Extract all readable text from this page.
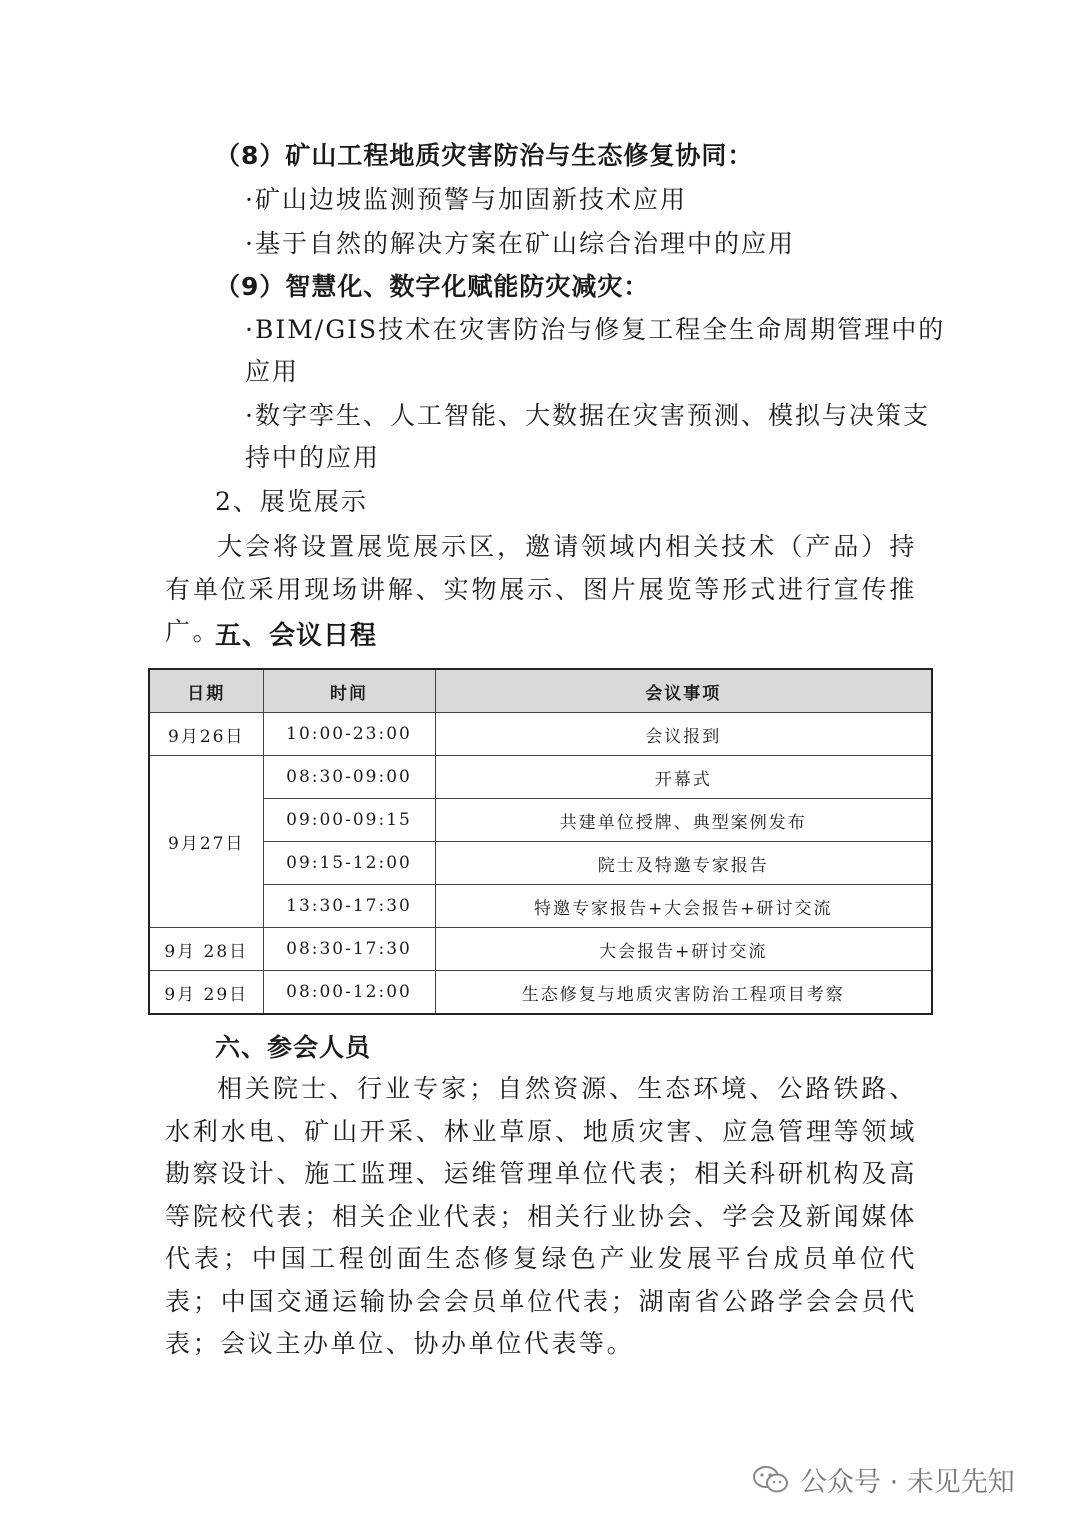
（8）矿山工程地质灾害防治与生态修复协同：
·矿山边坡监测预警与加固新技术应用
·基于自然的解决方案在矿山综合治理中的应用
（9）智慧化、数字化赋能防灾减灾：
·BIM/GIS技术在灾害防治与修复工程全生命周期管理中的
应用
·数字孪生、人工智能、大数据在灾害预测、模拟与决策支
持中的应用
2、展览展示

大会将设置展览展示区，邀请领域内相关技术（产品）持有单位采用现场讲解、实物展示、图片展览等形式进行宣传推广。

五、会议日程
日期	时间	会议事项
9月26日	10:00-23:00	会议报到
9月27日	08:30-09:00	开幕式
	09:00-09:15	共建单位授牌、典型案例发布
	09:15-12:00	院士及特邀专家报告
	13:30-17:30	特邀专家报告+大会报告+研讨交流
9月 28日	08:30-17:30	大会报告+研讨交流
9月 29日	08:00-12:00	生态修复与地质灾害防治工程项目考察
六、参会人员

相关院士、行业专家；自然资源、生态环境、公路铁路、水利水电、矿山开采、林业草原、地质灾害、应急管理等领域勘察设计、施工监理、运维管理单位代表；相关科研机构及高等院校代表；相关企业代表；相关行业协会、学会及新闻媒体代表；中国工程创面生态修复绿色产业发展平台成员单位代表；中国交通运输协会会员单位代表；湖南省公路学会会员代表；会议主办单位、协办单位代表等。

公众号 · 未见先知
